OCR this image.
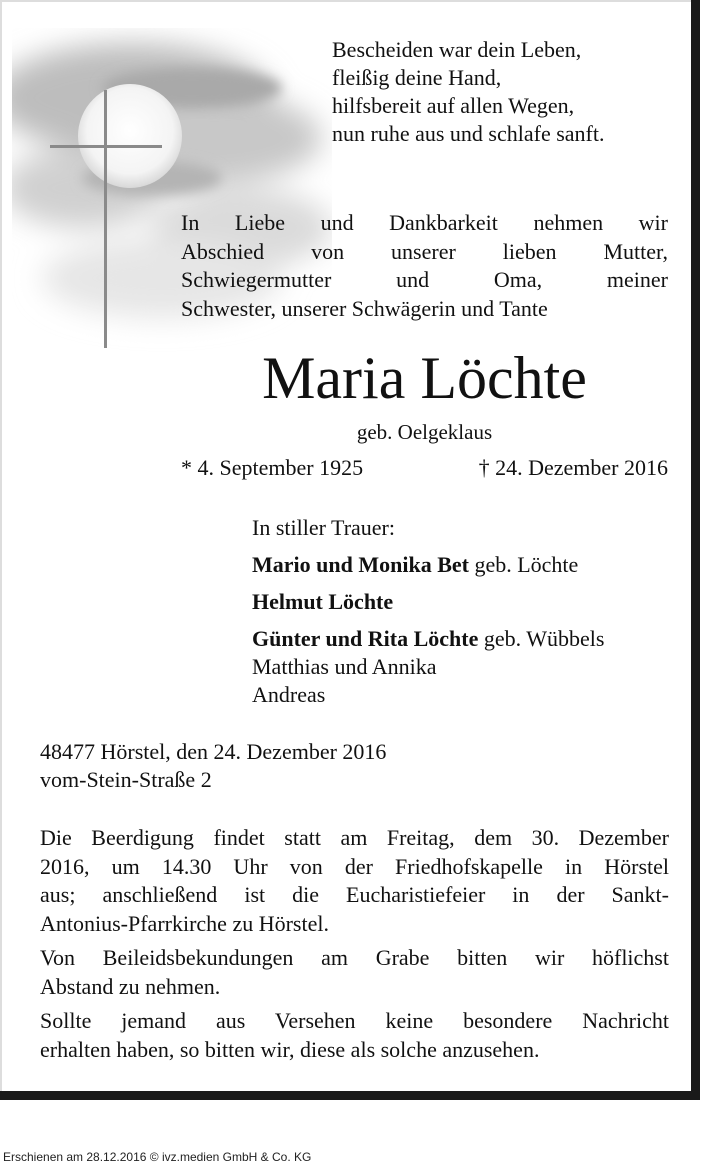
Bescheiden war dein Leben,
fleißig deine Hand,
hilfsbereit auf allen Wegen,
nun ruhe aus und schlafe sanft.
In Liebe und Dankbarkeit nehmen wir
Abschied von unserer lieben Mutter,
Schwiegermutter und Oma, meiner
Schwester, unserer Schwägerin und Tante
Maria Löchte
geb. Oelgeklaus
* 4. September 1925	† 24. Dezember 2016
In stiller Trauer:
Mario und Monika Bet geb. Löchte
Helmut Löchte
Günter und Rita Löchte geb. Wübbels
Matthias und Annika
Andreas
48477 Hörstel, den 24. Dezember 2016
vom-Stein-Straße 2
Die Beerdigung findet statt am Freitag, dem 30. Dezember
2016, um 14.30 Uhr von der Friedhofskapelle in Hörstel
aus; anschließend ist die Eucharistiefeier in der Sankt-
Antonius-Pfarrkirche zu Hörstel.
Von Beileidsbekundungen am Grabe bitten wir höflichst
Abstand zu nehmen.
Sollte jemand aus Versehen keine besondere Nachricht
erhalten haben, so bitten wir, diese als solche anzusehen.
Erschienen am 28.12.2016 © ivz.medien GmbH & Co. KG
